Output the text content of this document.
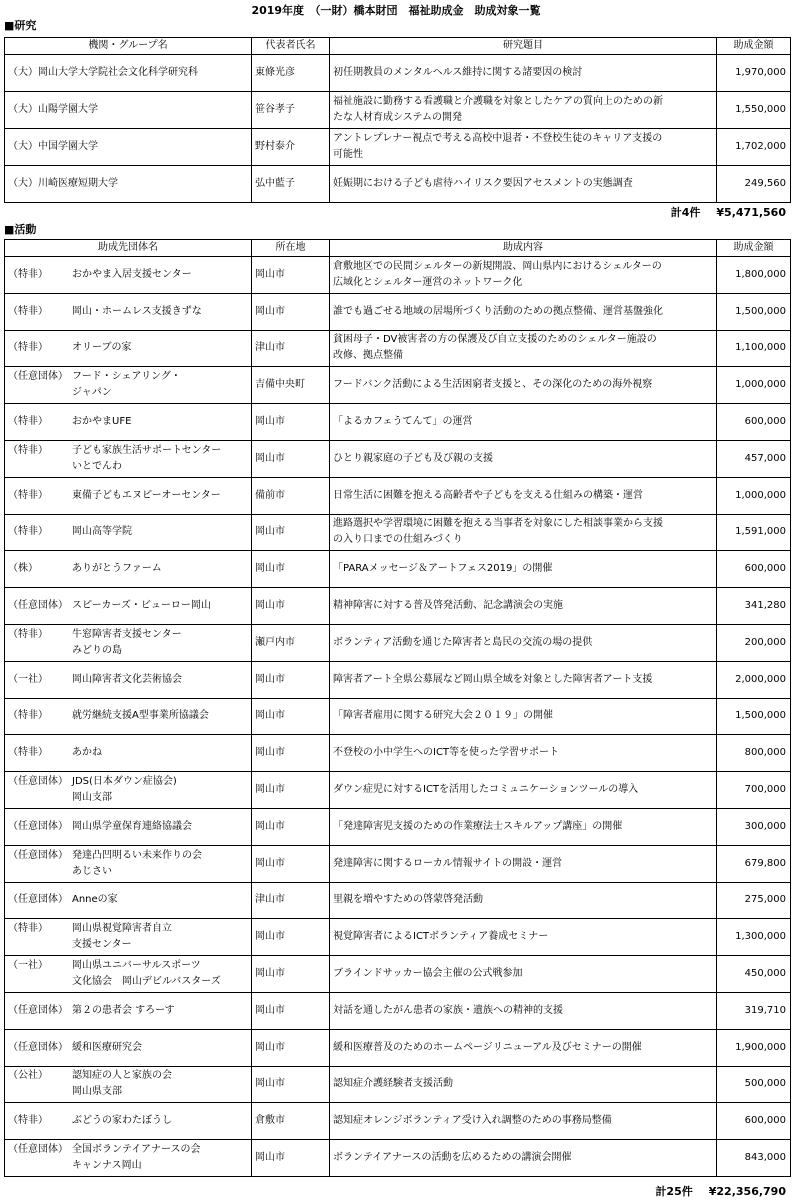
2019年度　（一財）橋本財団　福祉助成金　助成対象一覧
■研究
機関・グループ名	代表者氏名	研究題目	助成金額
（大）岡山大学大学院社会文化科学研究科	東條光彦	初任期教員のメンタルヘルス維持に関する諸要因の検討	1,970,000
（大）山陽学園大学	笹谷孝子	福祉施設に勤務する看護職と介護職を対象としたケアの質向上のための新
たな人材育成システムの開発	1,550,000
（大）中国学園大学	野村泰介	アントレプレナー視点で考える高校中退者・不登校生徒のキャリア支援の
可能性	1,702,000
（大）川崎医療短期大学	弘中藍子	妊娠期における子ども虐待ハイリスク要因アセスメントの実態調査	249,560
計4件 ¥5,471,560
■活動
助成先団体名	所在地	助成内容	助成金額

（特非） おかやま入居支援センター	岡山市	倉敷地区での民間シェルターの新規開設、岡山県内におけるシェルターの
広域化とシェルター運営のネットワーク化	1,800,000

（特非） 岡山・ホームレス支援きずな	岡山市	誰でも過ごせる地域の居場所づくり活動のための拠点整備、運営基盤強化	1,500,000

（特非） オリーブの家	津山市	貧困母子・DV被害者の方の保護及び自立支援のためのシェルター施設の
改修、拠点整備	1,100,000

（任意団体） フード・シェアリング・
ジャパン	吉備中央町	フードバンク活動による生活困窮者支援と、その深化のための海外視察	1,000,000

（特非） おかやまUFE	岡山市	「よるカフェうてんて」の運営	600,000

（特非） 子ども家族生活サポートセンター
いとでんわ	岡山市	ひとり親家庭の子ども及び親の支援	457,000

（特非） 東備子どもエヌピーオーセンター	備前市	日常生活に困難を抱える高齢者や子どもを支える仕組みの構築・運営	1,000,000

（特非） 岡山高等学院	岡山市	進路選択や学習環境に困難を抱える当事者を対象にした相談事業から支援
の入り口までの仕組みづくり	1,591,000

（株） ありがとうファーム	岡山市	「PARAメッセージ＆アートフェス2019」の開催	600,000

（任意団体） スピーカーズ・ビューロー岡山	岡山市	精神障害に対する普及啓発活動、記念講演会の実施	341,280

（特非） 牛窓障害者支援センター
みどりの島	瀬戸内市	ボランティア活動を通じた障害者と島民の交流の場の提供	200,000

（一社） 岡山障害者文化芸術協会	岡山市	障害者アート全県公募展など岡山県全域を対象とした障害者アート支援	2,000,000

（特非） 就労継続支援A型事業所協議会	岡山市	「障害者雇用に関する研究大会２０１９」の開催	1,500,000

（特非） あかね	岡山市	不登校の小中学生へのICT等を使った学習サポート	800,000

（任意団体） JDS(日本ダウン症協会)
岡山支部	岡山市	ダウン症児に対するICTを活用したコミュニケーションツールの導入	700,000

（任意団体） 岡山県学童保育連絡協議会	岡山市	「発達障害児支援のための作業療法士スキルアップ講座」の開催	300,000

（任意団体） 発達凸凹明るい未来作りの会
あじさい	岡山市	発達障害に関するローカル情報サイトの開設・運営	679,800

（任意団体） Anneの家	津山市	里親を増やすための啓蒙啓発活動	275,000

（特非） 岡山県視覚障害者自立
支援センター	岡山市	視覚障害者によるICTボランティア養成セミナー	1,300,000

（一社） 岡山県ユニバーサルスポーツ
文化協会　岡山デビルバスターズ	岡山市	ブラインドサッカー協会主催の公式戦参加	450,000

（任意団体） 第２の患者会 すろーす	岡山市	対話を通したがん患者の家族・遺族への精神的支援	319,710

（任意団体） 緩和医療研究会	岡山市	緩和医療普及のためのホームページリニューアル及びセミナーの開催	1,900,000

（公社） 認知症の人と家族の会
岡山県支部	岡山市	認知症介護経験者支援活動	500,000

（特非） ぶどうの家わたぼうし	倉敷市	認知症オレンジボランティア受け入れ調整のための事務局整備	600,000

（任意団体） 全国ボランテイアナースの会
キャンナス岡山	岡山市	ボランテイアナースの活動を広めるための講演会開催	843,000
計25件 ¥22,356,790
